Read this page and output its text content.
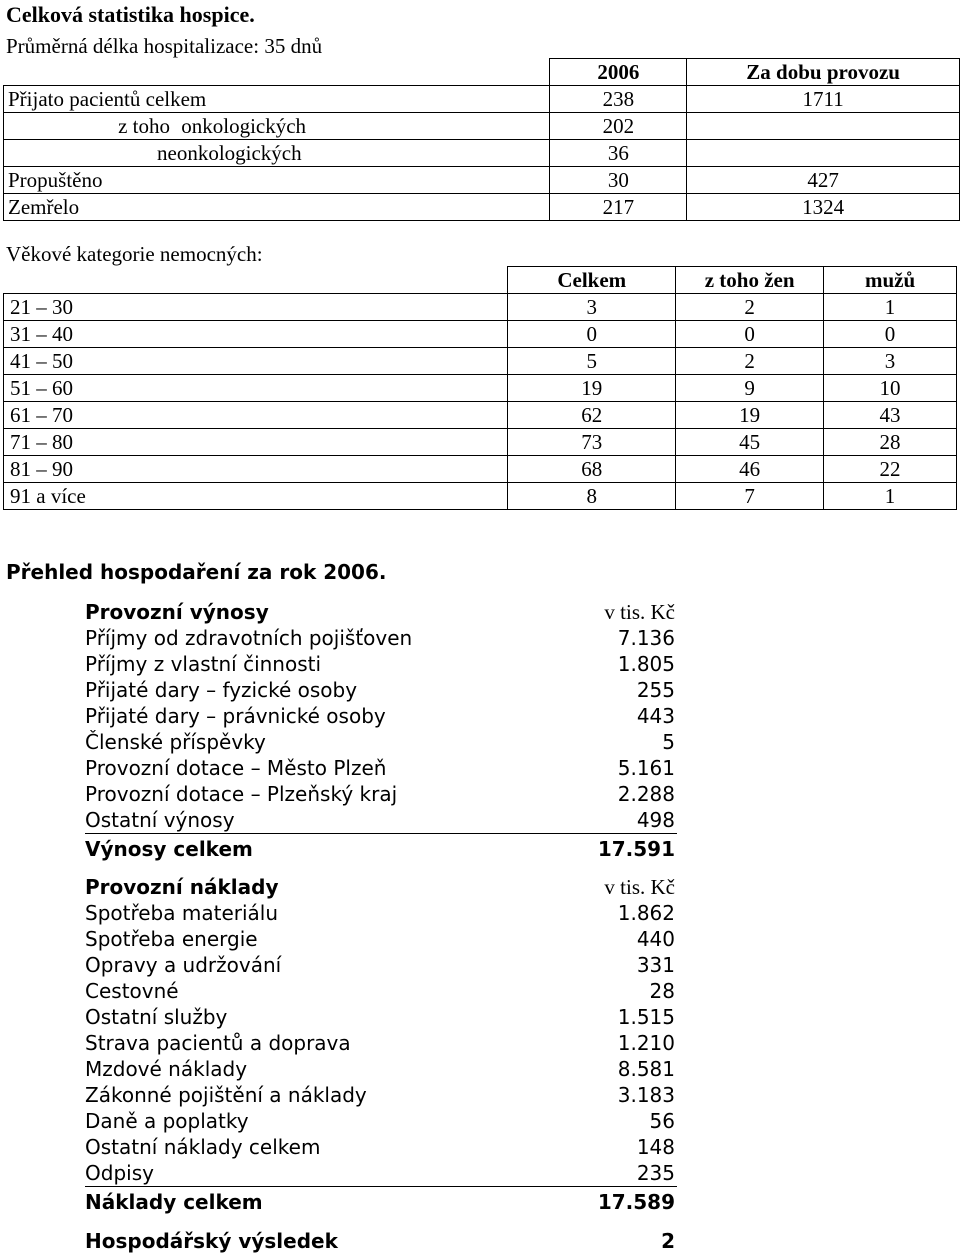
Celková statistika hospice.
Průměrná délka hospitalizace: 35 dnů
	2006	Za dobu provozu
Přijato pacientů celkem	238	1711
z toho onkologických	202	
neonkologických	36	
Propuštěno	30	427
Zemřelo	217	1324
Věkové kategorie nemocných:
	Celkem	z toho žen	mužů
21 – 30	3	2	1
31 – 40	0	0	0
41 – 50	5	2	3
51 – 60	19	9	10
61 – 70	62	19	43
71 – 80	73	45	28
81 – 90	68	46	22
91 a více	8	7	1
Přehled hospodaření za rok 2006.
Provozní výnosy	v tis. Kč
Příjmy od zdravotních pojišťoven	7.136
Příjmy z vlastní činnosti	1.805
Přijaté dary – fyzické osoby	255
Přijaté dary – právnické osoby	443
Členské příspěvky	5
Provozní dotace – Město Plzeň	5.161
Provozní dotace – Plzeňský kraj	2.288
Ostatní výnosy	498
Výnosy celkem	17.591
Provozní náklady	v tis. Kč
Spotřeba materiálu	1.862
Spotřeba energie	440
Opravy a udržování	331
Cestovné	28
Ostatní služby	1.515
Strava pacientů a doprava	1.210
Mzdové náklady	8.581
Zákonné pojištění a náklady	3.183
Daně a poplatky	56
Ostatní náklady celkem	148
Odpisy	235
Náklady celkem	17.589
Hospodářský výsledek	2
